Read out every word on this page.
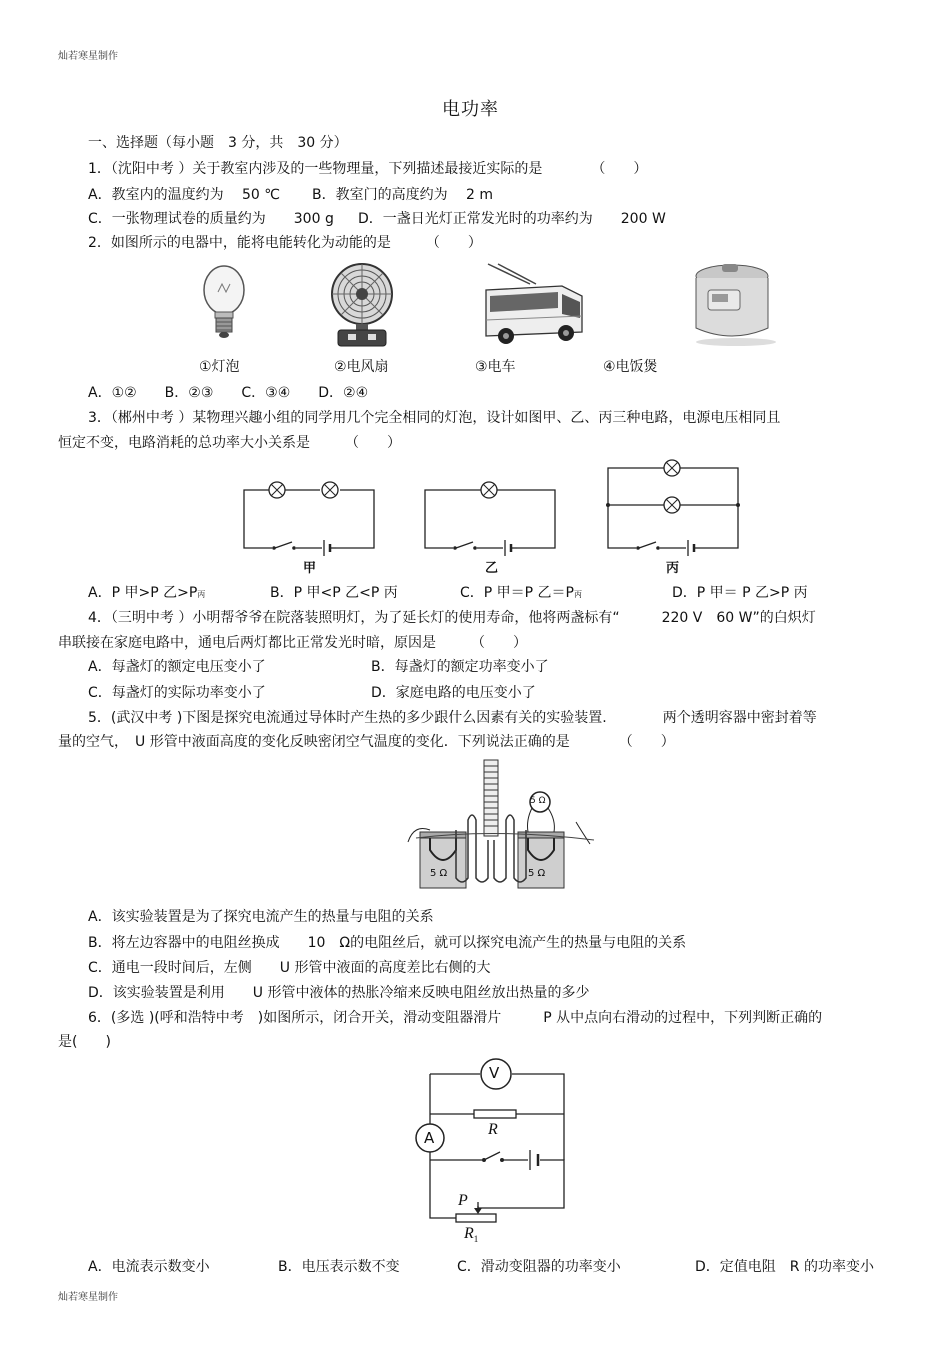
灿若寒星制作
灿若寒星制作
电功率
一、选择题（每小题　3 分，共　30 分）
1．（沈阳中考 ）关于教室内涉及的一些物理量，下列描述最接近实际的是　　　　（　　）
A．教室内的温度约为　 50 ℃ B．教室门的高度约为　 2 m
C．一张物理试卷的质量约为　　300 g D．一盏日光灯正常发光时的功率约为　　200 W
2．如图所示的电器中，能将电能转化为动能的是　　　（　　）
①灯泡	②电风扇	③电车	④电饭煲
A．①②　　B．②③　　C．③④　　D．②④
3．（郴州中考 ）某物理兴趣小组的同学用几个完全相同的灯泡，设计如图甲、乙、丙三种电路，电源电压相同且
恒定不变，电路消耗的总功率大小关系是　　　（　　）
甲	乙	丙
A．P 甲>P 乙>P丙	B．P 甲<P 乙<P 丙	C．P 甲＝P 乙＝P丙	D．P 甲＝ P 乙>P 丙
4．（三明中考 ）小明帮爷爷在院落装照明灯，为了延长灯的使用寿命，他将两盏标有“　　　220 V　60 W”的白炽灯
串联接在家庭电路中，通电后两灯都比正常发光时暗，原因是　　　（　　）
A．每盏灯的额定电压变小了	B．每盏灯的额定功率变小了
C．每盏灯的实际功率变小了	D．家庭电路的电压变小了
5．(武汉中考 )下图是探究电流通过导体时产生热的多少跟什么因素有关的实验装置.　　　　两个透明容器中密封着等
量的空气，　U 形管中液面高度的变化反映密闭空气温度的变化．下列说法正确的是　　　　（　　）
5 Ω	5 Ω
5 Ω
A．该实验装置是为了探究电流产生的热量与电阻的关系
B．将左边容器中的电阻丝换成　　10　Ω的电阻丝后，就可以探究电流产生的热量与电阻的关系
C．通电一段时间后，左侧　　U 形管中液面的高度差比右侧的大
D．该实验装置是利用　　U 形管中液体的热胀冷缩来反映电阻丝放出热量的多少
6．(多选 )(呼和浩特中考　)如图所示，闭合开关，滑动变阻器滑片　　　P 从中点向右滑动的过程中，下列判断正确的
是(　　)
V
A	R
P
$R_1$
A．电流表示数变小	B．电压表示数不变	C．滑动变阻器的功率变小	D．定值电阻　R 的功率变小
